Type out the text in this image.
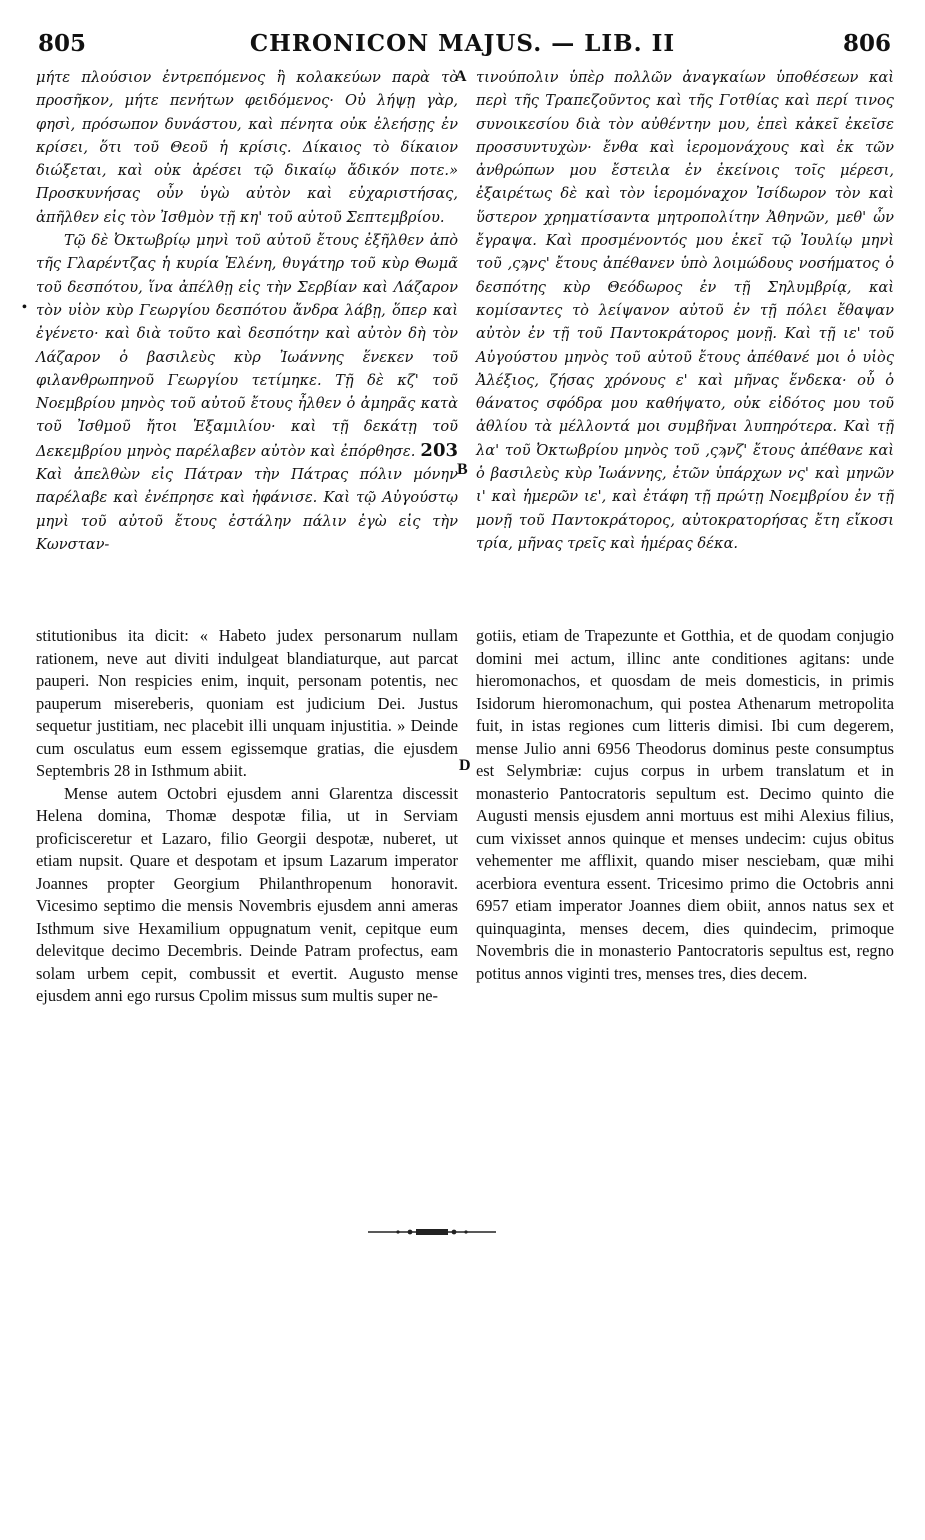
805	CHRONICON MAJUS. — LIB. II	806
A
B
D
•

μήτε πλούσιον ἐντρεπόμενος ἢ κολακεύων παρὰ τὸ προσῆκον, μήτε πενήτων φειδόμενος· Οὐ λήψῃ γὰρ, φησὶ, πρόσωπον δυνάστου, καὶ πένητα οὐκ ἐλεήσῃς ἐν κρίσει, ὅτι τοῦ Θεοῦ ἡ κρίσις. Δίκαιος τὸ δίκαιον διώξεται, καὶ οὐκ ἀρέσει τῷ δικαίῳ ἄδικόν ποτε.» Προσκυνήσας οὖν ὑγὼ αὐτὸν καὶ εὐχαριστήσας, ἀπῆλθεν εἰς τὸν Ἰσθμὸν τῇ κη' τοῦ αὐτοῦ Σεπτεμβρίου.

Τῷ δὲ Ὀκτωβρίῳ μηνὶ τοῦ αὐτοῦ ἔτους ἐξῆλθεν ἀπὸ τῆς Γλαρέντζας ἡ κυρία Ἑλένη, θυγάτηρ τοῦ κὺρ Θωμᾶ τοῦ δεσπότου, ἵνα ἀπέλθῃ εἰς τὴν Σερβίαν καὶ Λάζαρον τὸν υἱὸν κὺρ Γεωργίου δεσπότου ἄνδρα λάβῃ, ὅπερ καὶ ἐγένετο· καὶ διὰ τοῦτο καὶ δεσπότην καὶ αὐτὸν δὴ τὸν Λάζαρον ὁ βασιλεὺς κὺρ Ἰωάννης ἕνεκεν τοῦ φιλανθρωπηνοῦ Γεωργίου τετίμηκε. Τῇ δὲ κζ' τοῦ Νοεμβρίου μηνὸς τοῦ αὐτοῦ ἔτους ἦλθεν ὁ ἀμηρᾶς κατὰ τοῦ Ἰσθμοῦ ἤτοι Ἑξαμιλίου· καὶ τῇ δεκάτῃ τοῦ Δεκεμβρίου μηνὸς παρέλαβεν αὐτὸν καὶ ἐπόρθησε. 203 Καὶ ἀπελθὼν εἰς Πάτραν τὴν Πάτρας πόλιν μόνην παρέλαβε καὶ ἐνέπρησε καὶ ἠφάνισε. Καὶ τῷ Αὐγούστῳ μηνὶ τοῦ αὐτοῦ ἔτους ἐστάλην πάλιν ἐγὼ εἰς τὴν Κωνσταν-

τινούπολιν ὑπὲρ πολλῶν ἀναγκαίων ὑποθέσεων καὶ περὶ τῆς Τραπεζοῦντος καὶ τῆς Γοτθίας καὶ περί τινος συνοικεσίου διὰ τὸν αὐθέντην μου, ἐπεὶ κἀκεῖ ἐκεῖσε προσσυντυχὼν· ἔνθα καὶ ἱερομονάχους καὶ ἐκ τῶν ἀνθρώπων μου ἔστειλα ἐν ἐκείνοις τοῖς μέρεσι, ἐξαιρέτως δὲ καὶ τὸν ἱερομόναχον Ἰσίδωρον τὸν καὶ ὕστερον χρηματίσαντα μητροπολίτην Ἀθηνῶν, μεθ' ὧν ἔγραψα. Καὶ προσμένοντός μου ἐκεῖ τῷ Ἰουλίῳ μηνὶ τοῦ ‚ςϡνς' ἔτους ἀπέθανεν ὑπὸ λοιμώδους νοσήματος ὁ δεσπότης κὺρ Θεόδωρος ἐν τῇ Σηλυμβρίᾳ, καὶ κομίσαντες τὸ λείψανον αὐτοῦ ἐν τῇ πόλει ἔθαψαν αὐτὸν ἐν τῇ τοῦ Παντοκράτορος μονῇ. Καὶ τῇ ιε' τοῦ Αὐγούστου μηνὸς τοῦ αὐτοῦ ἔτους ἀπέθανέ μοι ὁ υἱὸς Ἀλέξιος, ζήσας χρόνους ε' καὶ μῆνας ἕνδεκα· οὗ ὁ θάνατος σφόδρα μου καθήψατο, οὐκ εἰδότος μου τοῦ ἀθλίου τὰ μέλλοντά μοι συμβῆναι λυπηρότερα. Καὶ τῇ λα' τοῦ Ὀκτωβρίου μηνὸς τοῦ ‚ςϡνζ' ἔτους ἀπέθανε καὶ ὁ βασιλεὺς κὺρ Ἰωάννης, ἐτῶν ὑπάρχων νς' καὶ μηνῶν ι' καὶ ἡμερῶν ιε', καὶ ἐτάφη τῇ πρώτῃ Νοεμβρίου ἐν τῇ μονῇ τοῦ Παντοκράτορος, αὐτοκρατορήσας ἔτη εἴκοσι τρία, μῆνας τρεῖς καὶ ἡμέρας δέκα.

stitutionibus ita dicit: « Habeto judex personarum nullam rationem, neve aut diviti indulgeat blandiaturque, aut parcat pauperi. Non respicies enim, inquit, personam potentis, nec pauperum misereberis, quoniam est judicium Dei. Justus sequetur justitiam, nec placebit illi unquam injustitia. » Deinde cum osculatus eum essem egissemque gratias, die ejusdem Septembris 28 in Isthmum abiit.

Mense autem Octobri ejusdem anni Glarentza discessit Helena domina, Thomæ despotæ filia, ut in Serviam proficisceretur et Lazaro, filio Georgii despotæ, nuberet, ut etiam nupsit. Quare et despotam et ipsum Lazarum imperator Joannes propter Georgium Philanthropenum honoravit. Vicesimo septimo die mensis Novembris ejusdem anni ameras Isthmum sive Hexamilium oppugnatum venit, cepitque eum delevitque decimo Decembris. Deinde Patram profectus, eam solam urbem cepit, combussit et evertit. Augusto mense ejusdem anni ego rursus Cpolim missus sum multis super ne-

gotiis, etiam de Trapezunte et Gotthia, et de quodam conjugio domini mei actum, illinc ante conditiones agitans: unde hieromonachos, et quosdam de meis domesticis, in primis Isidorum hieromonachum, qui postea Athenarum metropolita fuit, in istas regiones cum litteris dimisi. Ibi cum degerem, mense Julio anni 6956 Theodorus dominus peste consumptus est Selymbriæ: cujus corpus in urbem translatum et in monasterio Pantocratoris sepultum est. Decimo quinto die Augusti mensis ejusdem anni mortuus est mihi Alexius filius, cum vixisset annos quinque et menses undecim: cujus obitus vehementer me afflixit, quando miser nesciebam, quæ mihi acerbiora eventura essent. Tricesimo primo die Octobris anni 6957 etiam imperator Joannes diem obiit, annos natus sex et quinquaginta, menses decem, dies quindecim, primoque Novembris die in monasterio Pantocratoris sepultus est, regno potitus annos viginti tres, menses tres, dies decem.
